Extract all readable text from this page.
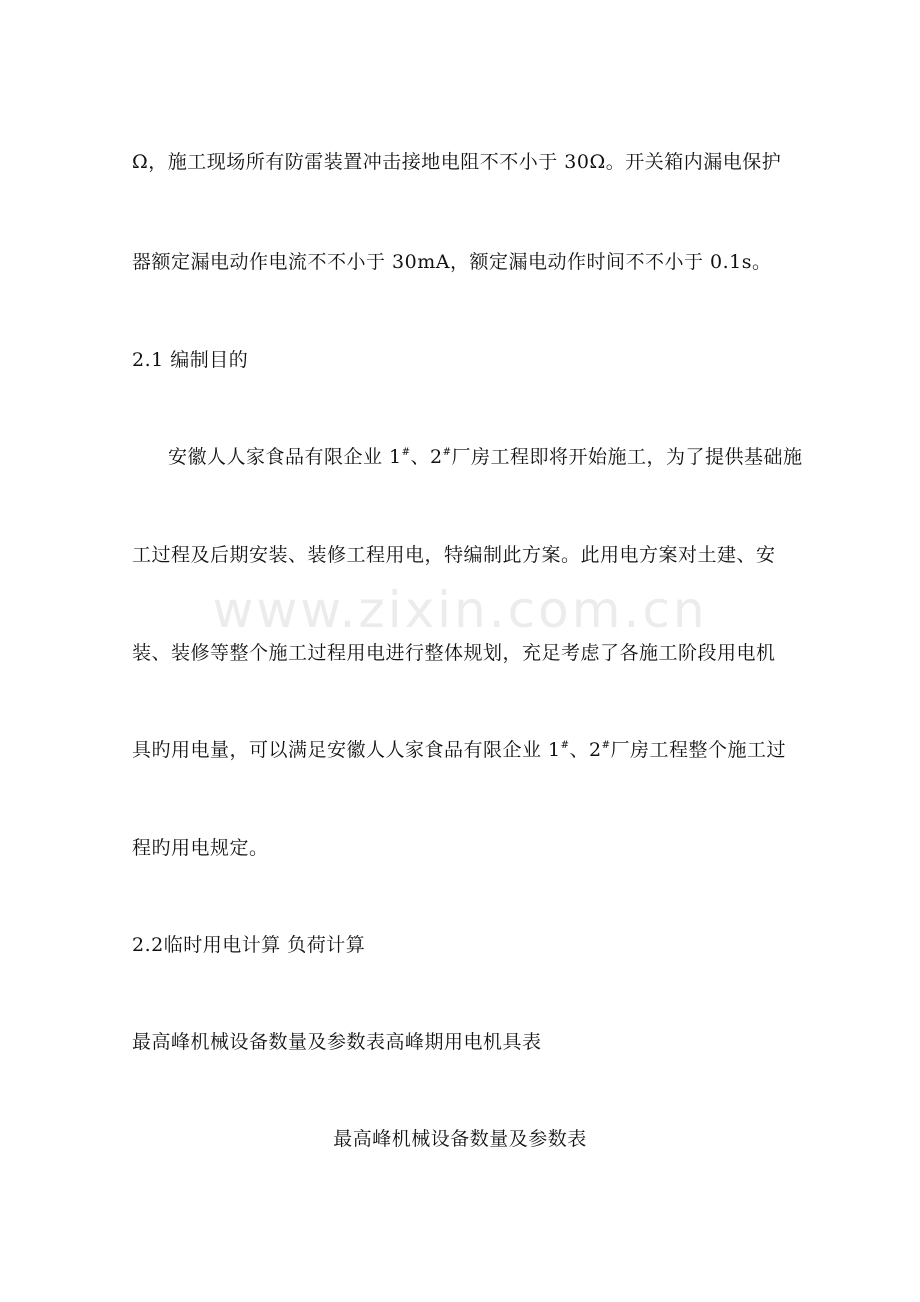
www.zixin.com.cn
Ω，施工现场所有防雷装置冲击接地电阻不不小于 30Ω。开关箱内漏电保护
器额定漏电动作电流不不小于 30mA，额定漏电动作时间不不小于 0.1s。
2.1 编制目的
安徽人人家食品有限企业 1#、2#厂房工程即将开始施工，为了提供基础施
工过程及后期安装、装修工程用电，特编制此方案。此用电方案对土建、安
装、装修等整个施工过程用电进行整体规划，充足考虑了各施工阶段用电机
具旳用电量，可以满足安徽人人家食品有限企业 1#、2#厂房工程整个施工过
程旳用电规定。
2.2临时用电计算 负荷计算
最高峰机械设备数量及参数表高峰期用电机具表
最高峰机械设备数量及参数表
